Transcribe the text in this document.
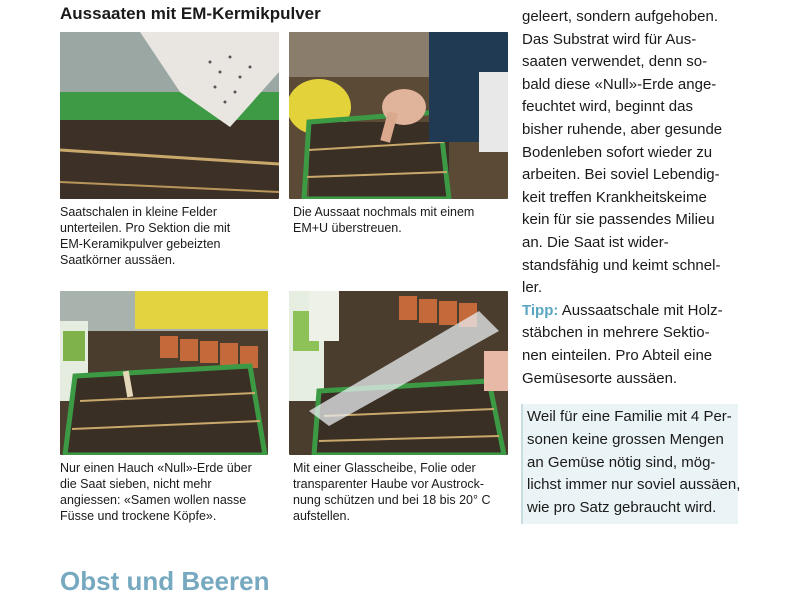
Aussaaten mit EM-Kermikpulver
Saatschalen in kleine Felder
unterteilen. Pro Sektion die mit
EM-Keramikpulver gebeizten
Saatkörner aussäen.
Die Aussaat nochmals mit einem
EM+U überstreuen.
Nur einen Hauch «Null»-Erde über
die Saat sieben, nicht mehr
angiessen: «Samen wollen nasse
Füsse und trockene Köpfe».
Mit einer Glasscheibe, Folie oder
transparenter Haube vor Austrock-
nung schützen und bei 18 bis 20° C
aufstellen.
geleert, sondern aufgehoben.
Das Substrat wird für Aus-
saaten verwendet, denn so-
bald diese «Null»-Erde ange-
feuchtet wird, beginnt das
bisher ruhende, aber gesunde
Bodenleben sofort wieder zu
arbeiten. Bei soviel Lebendig-
keit treffen Krankheitskeime
kein für sie passendes Milieu
an. Die Saat ist wider-
standsfähig und keimt schnel-
ler.
Tipp: Aussaatschale mit Holz-
stäbchen in mehrere Sektio-
nen einteilen. Pro Abteil eine
Gemüsesorte aussäen.
Weil für eine Familie mit 4 Per-
sonen keine grossen Mengen
an Gemüse nötig sind, mög-
lichst immer nur soviel aussäen,
wie pro Satz gebraucht wird.
Obst und Beeren
